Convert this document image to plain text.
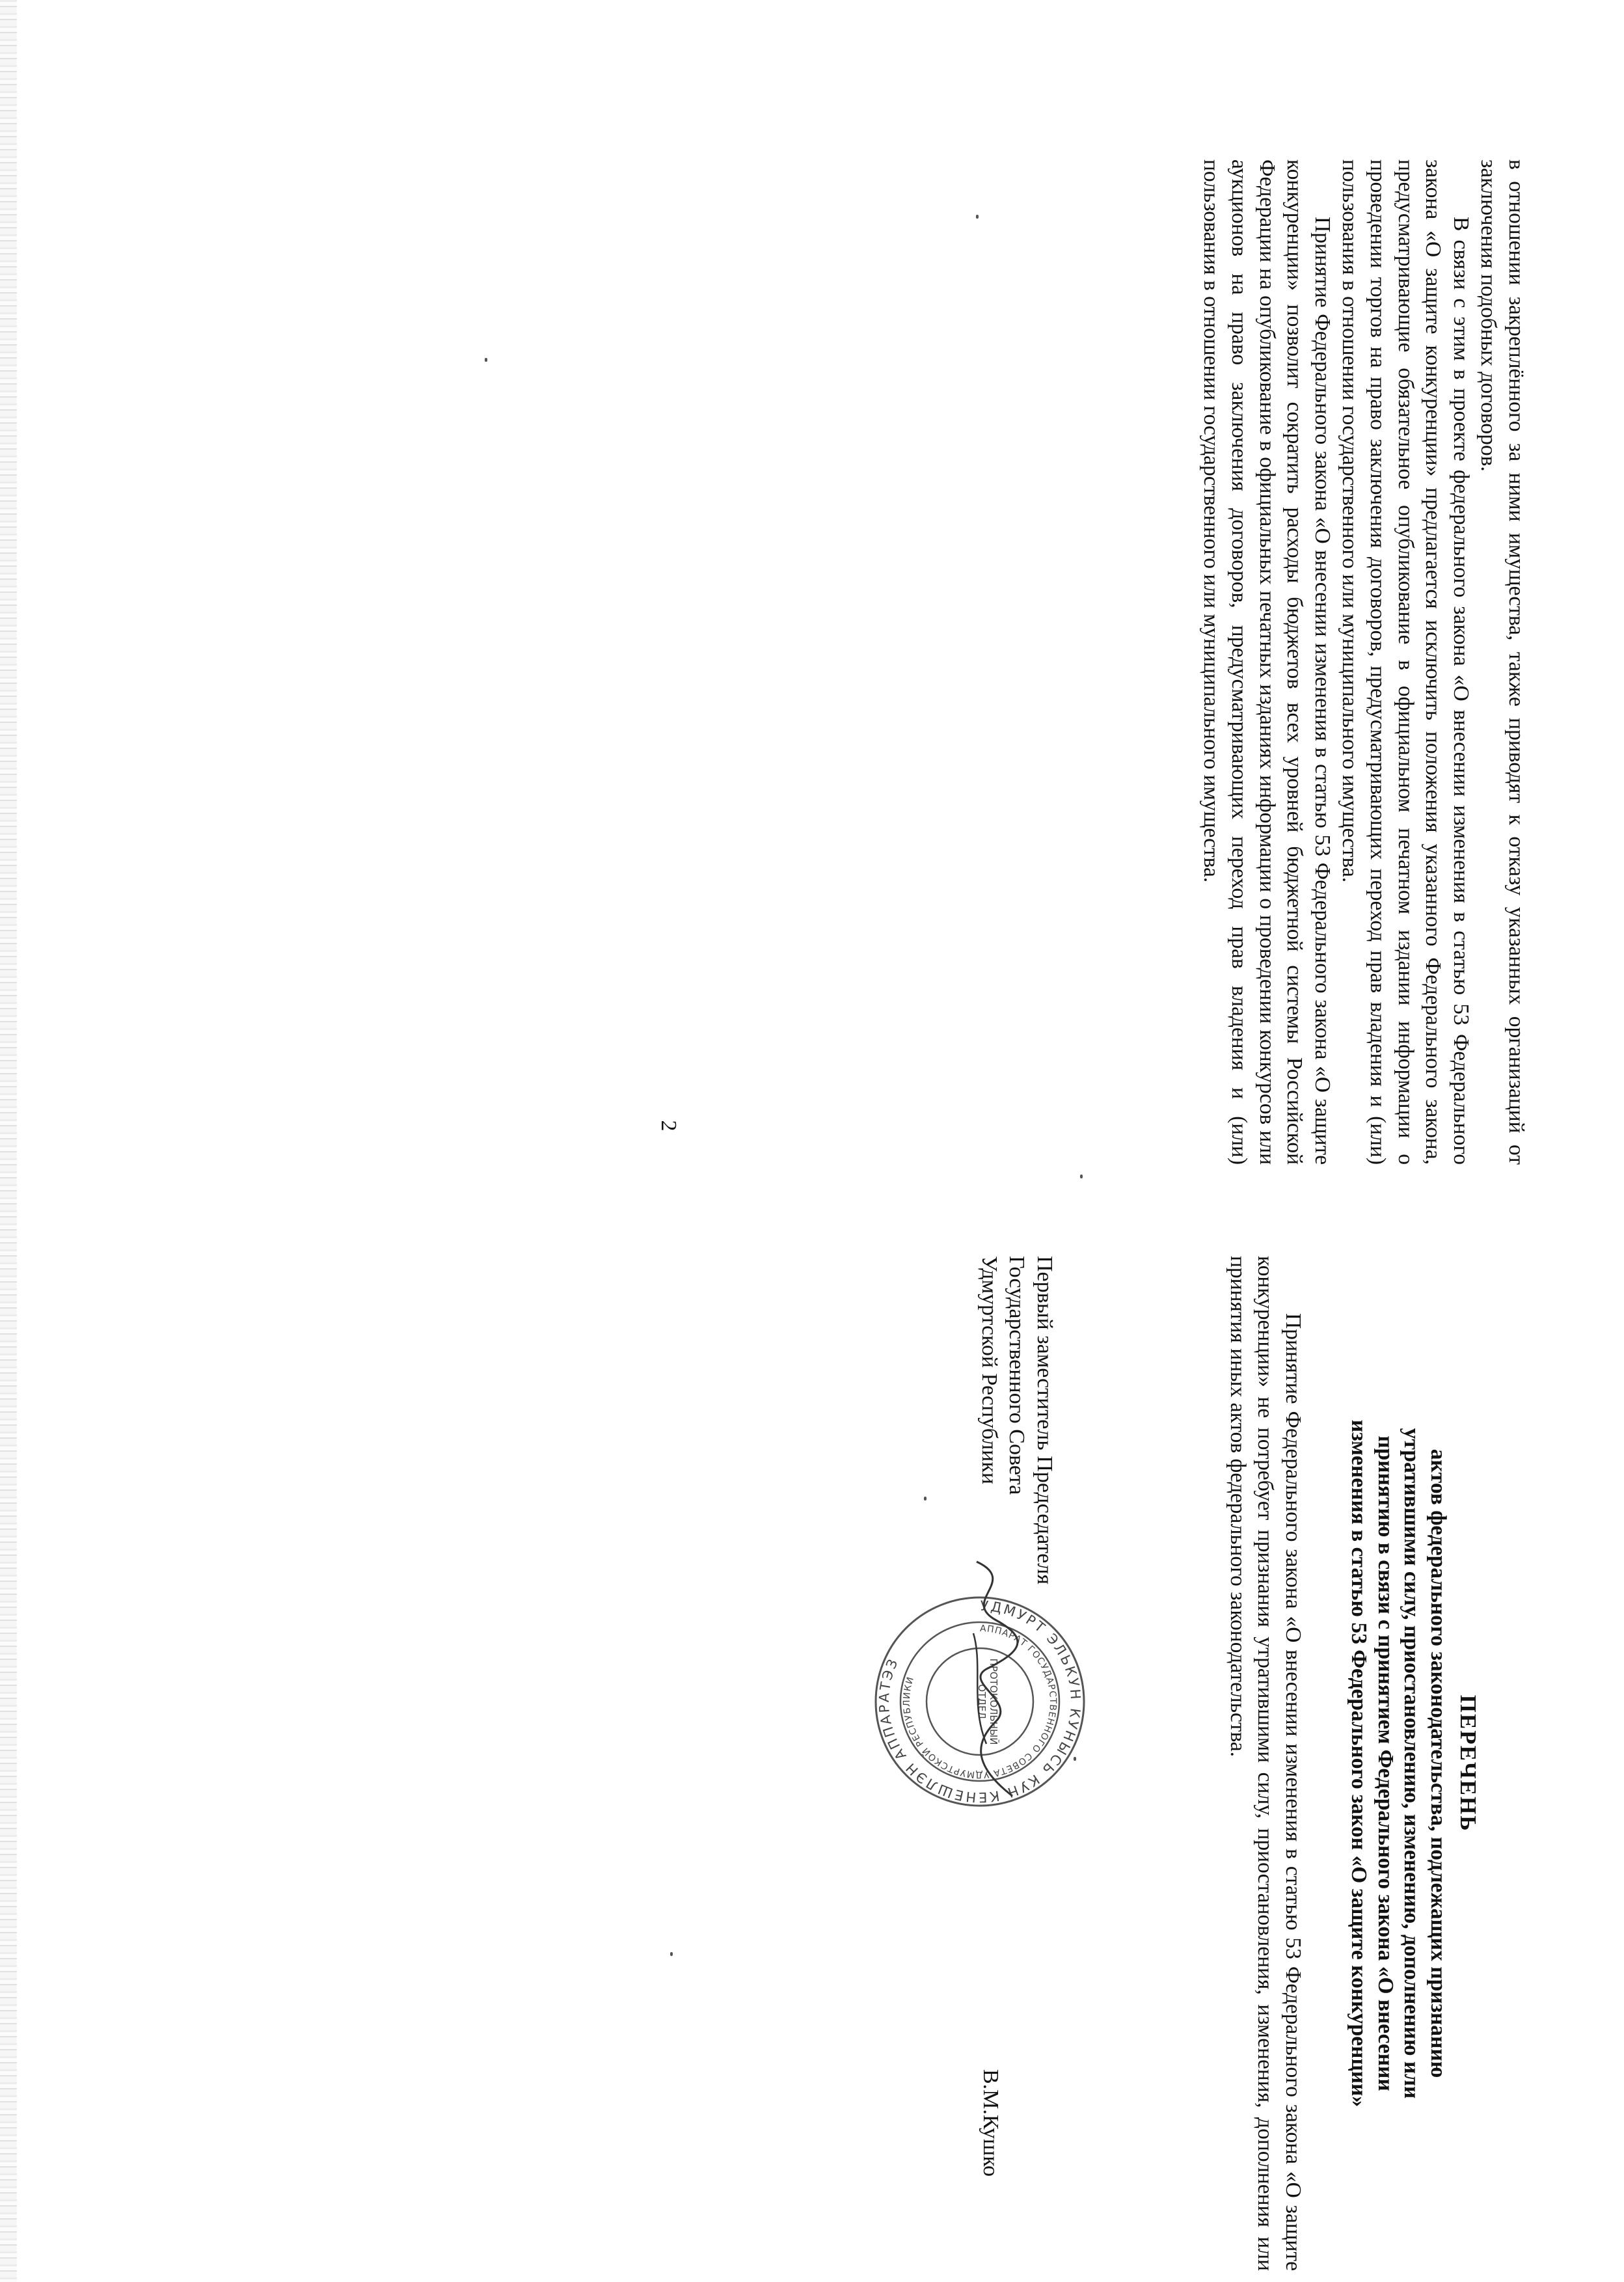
2	в отношении закреплённого за ними имущества, также приводят к отказу указанных организаций от заключения подобных договоров.

В связи с этим в проекте федерального закона «О внесении изменения в статью 53 Федерального закона «О защите конкуренции» предлагается исключить положения указанного Федерального закона, предусматривающие обязательное опубликование в официальном печатном издании информации о проведении торгов на право заключения договоров, предусматривающих переход прав владения и (или) пользования в отношении государственного или муниципального имущества.

Принятие Федерального закона «О внесении изменения в статью 53 Федерального закона «О защите конкуренции» позволит сократить расходы бюджетов всех уровней бюджетной системы Российской Федерации на опубликование в официальных печатных изданиях информации о проведении конкурсов или аукционов на право заключения договоров, предусматривающих переход прав владения и (или) пользования в отношении государственного или муниципального имущества.

ПЕРЕЧЕНЬ
актов федерального законодательства, подлежащих признанию
утратившими силу, приостановлению, изменению, дополнению или
принятию в связи с принятием Федерального закона «О внесении
изменения в статью 53 Федерального закон «О защите конкуренции»

Принятие Федерального закона «О внесении изменения в статью 53 Федерального закона «О защите конкуренции» не потребует признания утратившими силу, приостановления, изменения, дополнения или принятия иных актов федерального законодательства.

Первый заместитель Председателя
Государственного Совета
Удмуртской Республики
УДМУРТ ЭЛЬКУН КУНЫСЬ КУН КЕНЕШЛЭН АППАРАТЭЗ
АППАРАТ ГОСУДАРСТВЕННОГО СОВЕТА УДМУРТСКОЙ РЕСПУБЛИКИ	ПРОТОКОЛЬНЫЙ ОТДЕЛ
В.М.Кушко
